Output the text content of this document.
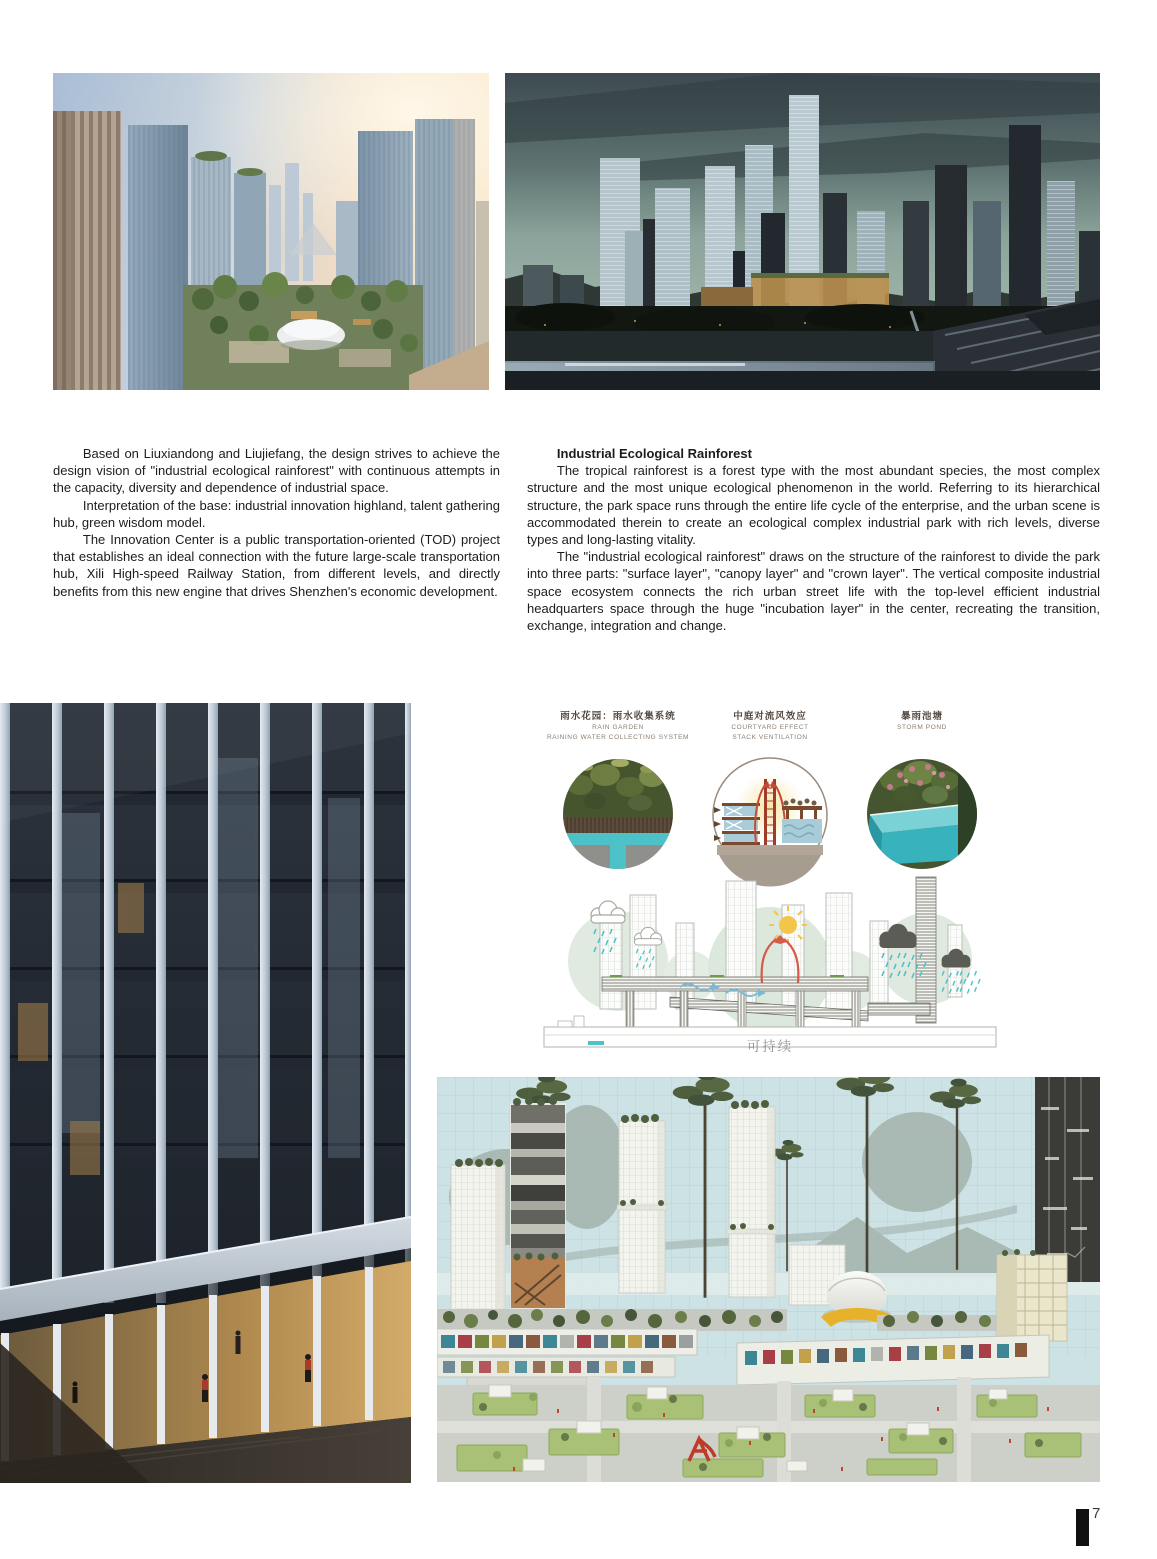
Based on Liuxiandong and Liujiefang, the design strives to achieve the design vision of "industrial ecological rainforest" with continuous attempts in the capacity, diversity and dependence of industrial space.

Interpretation of the base: industrial innovation highland, talent gathering hub, green wisdom model.

The Innovation Center is a public transportation-oriented (TOD) project that establishes an ideal connection with the future large-scale transportation hub, Xili High-speed Railway Station, from different levels, and directly benefits from this new engine that drives Shenzhen's economic development.

Industrial Ecological Rainforest

The tropical rainforest is a forest type with the most abundant species, the most complex structure and the most unique ecological phenomenon in the world. Referring to its hierarchical structure, the park space runs through the entire life cycle of the enterprise, and the urban scene is accommodated therein to create an ecological complex industrial park with rich levels, diverse types and long-lasting vitality.

The "industrial ecological rainforest" draws on the structure of the rainforest to divide the park into three parts: "surface layer", "canopy layer" and "crown layer". The vertical composite industrial space ecosystem connects the rich urban street life with the top-level efficient industrial headquarters space through the huge "incubation layer" in the center, recreating the transition, exchange, integration and change.

雨水花园：雨水收集系统
RAIN GARDEN
RAINING WATER COLLECTING SYSTEM
中庭对流风效应
COURTYARD EFFECT
STACK VENTILATION
暴雨池塘
STORM POND
可持续
7
